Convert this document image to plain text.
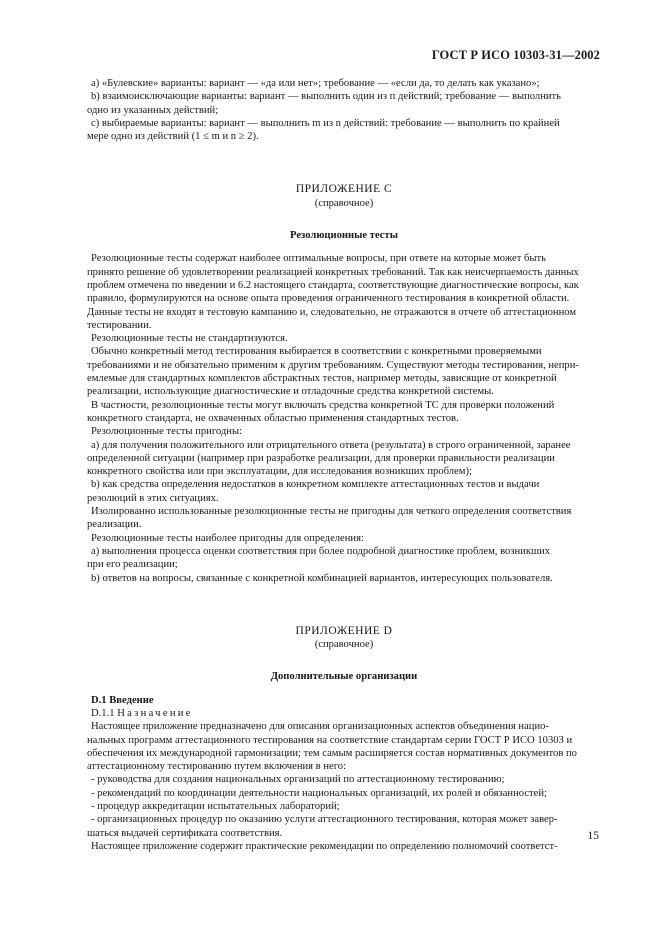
ГОСТ Р ИСО 10303-31—2002

а) «Булевские» варианты: вариант — «да или нет»; требование — «если да, то делать как указано»;

b) взаимоисключающие варианты: вариант — выполнить один из п действий; требование — выполнить

одно из указанных действий;

с) выбираемые варианты: вариант — выполнить m из n действий: требование — выполнить по крайней

мере одно из действий (1 ≤ m и n ≥ 2).

ПРИЛОЖЕНИЕ С

(справочное)

Резолюционные тесты

Резолюционные тесты содержат наиболее оптимальные вопросы, при ответе на которые может быть

принято решение об удовлетворении реализацией конкретных требований. Так как неисчерпаемость данных

проблем отмечена по введении и 6.2 настоящего стандарта, соответствующие диагностические вопросы, как

правило, формулируются на основе опыта проведения ограниченного тестирования в конкретной области.

Данные тесты не входят в тестовую кампанию и, следовательно, не отражаются в отчете об аттестационном

тестировании.

Резолюционные тесты не стандартизуются.

Обычно конкретный метод тестирования выбирается в соответствии с конкретными проверяемыми

требованиями и не обязательно применим к другим требованиям. Существуют методы тестирования, непри-

емлемые для стандартных комплектов абстрактных тестов, например методы, зависящие от конкретной

реализации, использующие диагностические и отладочные средства конкретной системы.

В частности, резолюционные тесты могут включать средства конкретной ТС для проверки положений

конкретного стандарта, не охваченных областью применения стандартных тестов.

Резолюционные тесты пригодны:

а) для получения положительного или отрицательного ответа (результата) в строго ограниченной, заранее

определенной ситуации (например при разработке реализации, для проверки правильности реализации

конкретного свойства или при эксплуатации, для исследования возникших проблем);

b) как средства определения недостатков в конкретном комплекте аттестационных тестов и выдачи

резолюций в этих ситуациях.

Изолированно использованные резолюционные тесты не пригодны для четкого определения соответствия

реализации.

Резолюционные тесты наиболее пригодны для определения:

а) выполнения процесса оценки соответствия при более подробной диагностике проблем, возникших

при его реализации;

b) ответов на вопросы, связанные с конкретной комбинацией вариантов, интересующих пользователя.

ПРИЛОЖЕНИЕ D

(справочное)

Дополнительные организации

D.1 Введение

D.1.1 Назначение

Настоящее приложение предназначено для описания организационных аспектов объединения нацио-

нальных программ аттестационного тестирования на соответствие стандартам серии ГОСТ Р ИСО 10303 и

обеспечения их международной гармонизации; тем самым расширяется состав нормативных документов по

аттестационному тестированию путем включения в него:

- руководства для создания национальных организаций по аттестационному тестированию;

- рекомендаций по координации деятельности национальных организаций, их ролей и обязанностей;

- процедур аккредитации испытательных лабораторий;

- организационных процедур по оказанию услуги аттестационного тестирования, которая может завер-

шаться выдачей сертификата соответствия.

Настоящее приложение содержит практические рекомендации по определению полномочий соответст-

15
